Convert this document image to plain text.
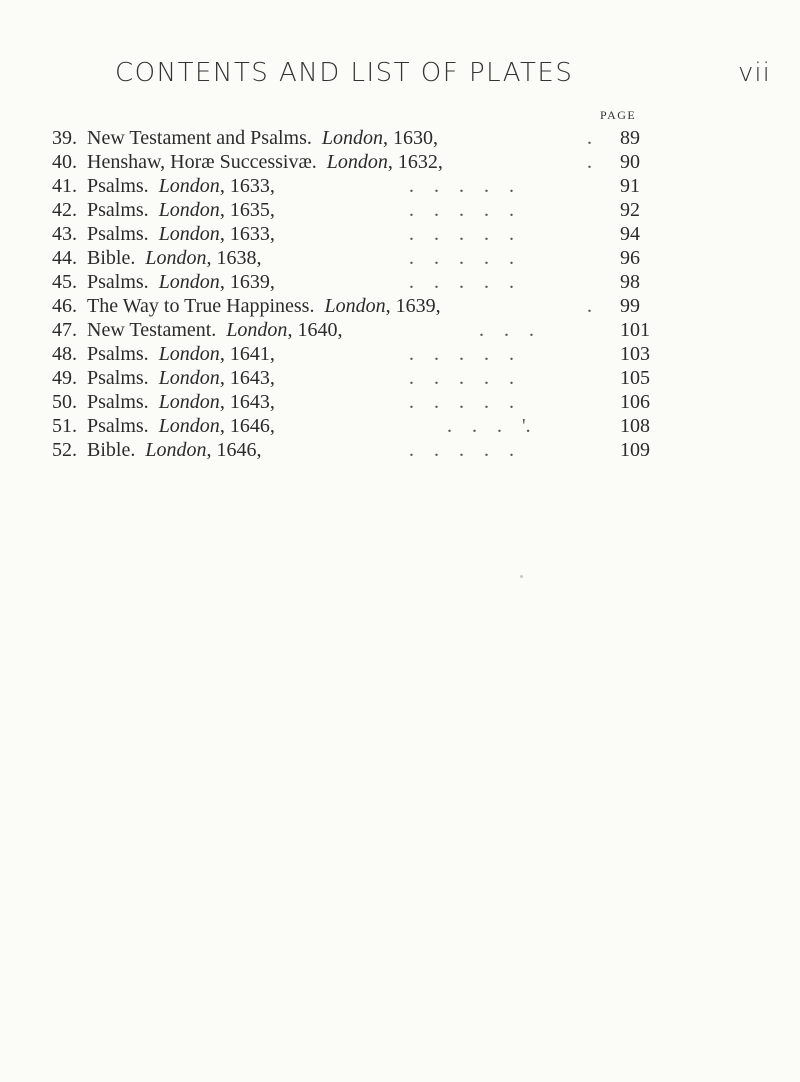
CONTENTS AND LIST OF PLATES	vii
PAGE
39. New Testament and Psalms. London, 1630,	.	89
40. Henshaw, Horæ Successivæ. London, 1632,	.	90
41. Psalms. London, 1633,	.    .    .    .    .	91
42. Psalms. London, 1635,	.    .    .    .    .	92
43. Psalms. London, 1633,	.    .    .    .    .	94
44. Bible. London, 1638,	.    .    .    .    .	96
45. Psalms. London, 1639,	.    .    .    .    .	98
46. The Way to True Happiness. London, 1639,	.	99
47. New Testament. London, 1640,	.    .    .	101
48. Psalms. London, 1641,	.    .    .    .    .	103
49. Psalms. London, 1643,	.    .    .    .    .	105
50. Psalms. London, 1643,	.    .    .    .    .	106
51. Psalms. London, 1646,	.    .    .    '.	108
52. Bible. London, 1646,	.    .    .    .    .	109
